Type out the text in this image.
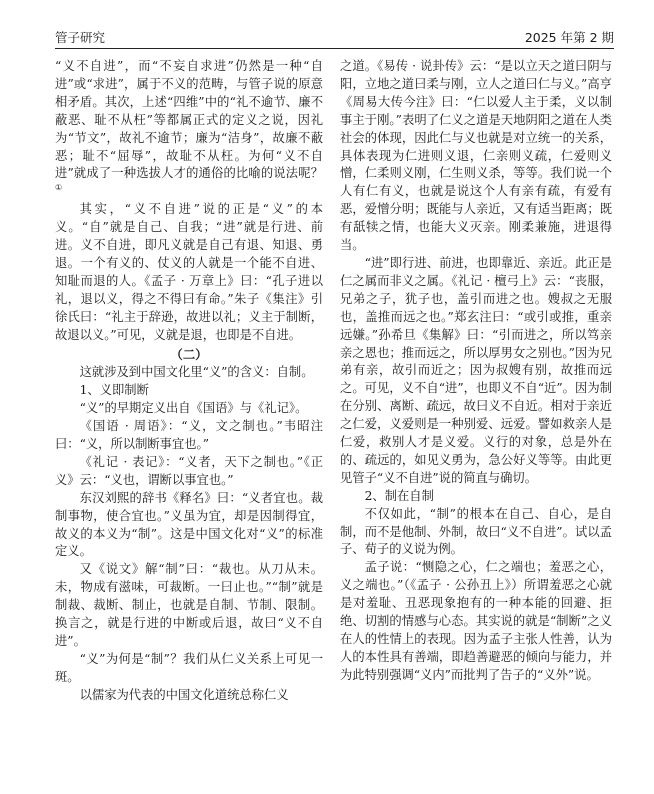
管子研究	2025 年第 2 期

“义不自进”，而“不妄自求进”仍然是一种“自进”或“求进”，属于不义的范畴，与管子说的原意相矛盾。其次，上述“四维”中的“礼不逾节、廉不蔽恶、耻不从枉”等都属正式的定义之说，因礼为“节文”，故礼不逾节；廉为“洁身”，故廉不蔽恶；耻不“屈辱”，故耻不从枉。为何“义不自进”就成了一种选拔人才的通俗的比喻的说法呢？①

其实，“义不自进”说的正是“义”的本义。“自”就是自己、自我；“进”就是行进、前进。义不自进，即凡义就是自己有退、知退、勇退。一个有义的、仗义的人就是一个能不自进、知耻而退的人。《孟子 · 万章上》曰：“孔子进以礼，退以义，得之不得曰有命。”朱子《集注》引徐氏曰：“礼主于辞逊，故进以礼；义主于制断，故退以义。”可见，义就是退，也即是不自进。

（二）

这就涉及到中国文化里“义”的含义：自制。

1、义即制断

“义”的早期定义出自《国语》与《礼记》。

《国语 · 周语》：“义，文之制也。”韦昭注曰：“义，所以制断事宜也。”

《礼记 · 表记》：“义者，天下之制也。”《正义》云：“义也，谓断以事宜也。”

东汉刘熙的辞书《释名》曰：“义者宜也。裁制事物，使合宜也。”义虽为宜，却是因制得宜，故义的本义为“制”。这是中国文化对“义”的标准定义。

又《说文》解“制”曰：“裁也。从刀从未。未，物成有滋味，可裁断。一曰止也。”“制”就是制裁、裁断、制止，也就是自制、节制、限制。换言之，就是行进的中断或后退，故曰“义不自进”。

“义”为何是“制”？我们从仁义关系上可见一斑。

以儒家为代表的中国文化道统总称仁义

之道。《易传 · 说卦传》云：“是以立天之道曰阴与阳，立地之道曰柔与刚，立人之道曰仁与义。”高亨《周易大传今注》曰：“仁以爱人主于柔，义以制事主于刚。”表明了仁义之道是天地阴阳之道在人类社会的体现，因此仁与义也就是对立统一的关系，具体表现为仁进则义退，仁亲则义疏，仁爱则义憎，仁柔则义刚，仁生则义杀，等等。我们说一个人有仁有义，也就是说这个人有亲有疏，有爱有恶，爱憎分明；既能与人亲近，又有适当距离；既有舐犊之情，也能大义灭亲。刚柔兼施，进退得当。

“进”即行进、前进，也即靠近、亲近。此正是仁之属而非义之属。《礼记 · 檀弓上》云：“丧服，兄弟之子，犹子也，盖引而进之也。嫂叔之无服也，盖推而远之也。”郑玄注曰：“或引或推，重亲远嫌。”孙希旦《集解》曰：“引而进之，所以笃亲亲之恩也；推而远之，所以厚男女之别也。”因为兄弟有亲，故引而近之；因为叔嫂有别，故推而远之。可见，义不自“进”，也即义不自“近”。因为制在分别、离断、疏远，故曰义不自近。相对于亲近之仁爱，义爱则是一种别爱、远爱。譬如救亲人是仁爱，救别人才是义爱。义行的对象，总是外在的、疏远的，如见义勇为，急公好义等等。由此更见管子“义不自进”说的简直与确切。

2、制在自制

不仅如此，“制”的根本在自己、自心，是自制，而不是他制、外制，故曰“义不自进”。试以孟子、荀子的义说为例。

孟子说：“恻隐之心，仁之端也；羞恶之心，义之端也。”（《孟子 · 公孙丑上》）所谓羞恶之心就是对羞耻、丑恶现象抱有的一种本能的回避、拒绝、切割的情感与心态。其实说的就是“制断”之义在人的性情上的表现。因为孟子主张人性善，认为人的本性具有善端，即趋善避恶的倾向与能力，并为此特别强调“义内”而批判了告子的“义外”说。
